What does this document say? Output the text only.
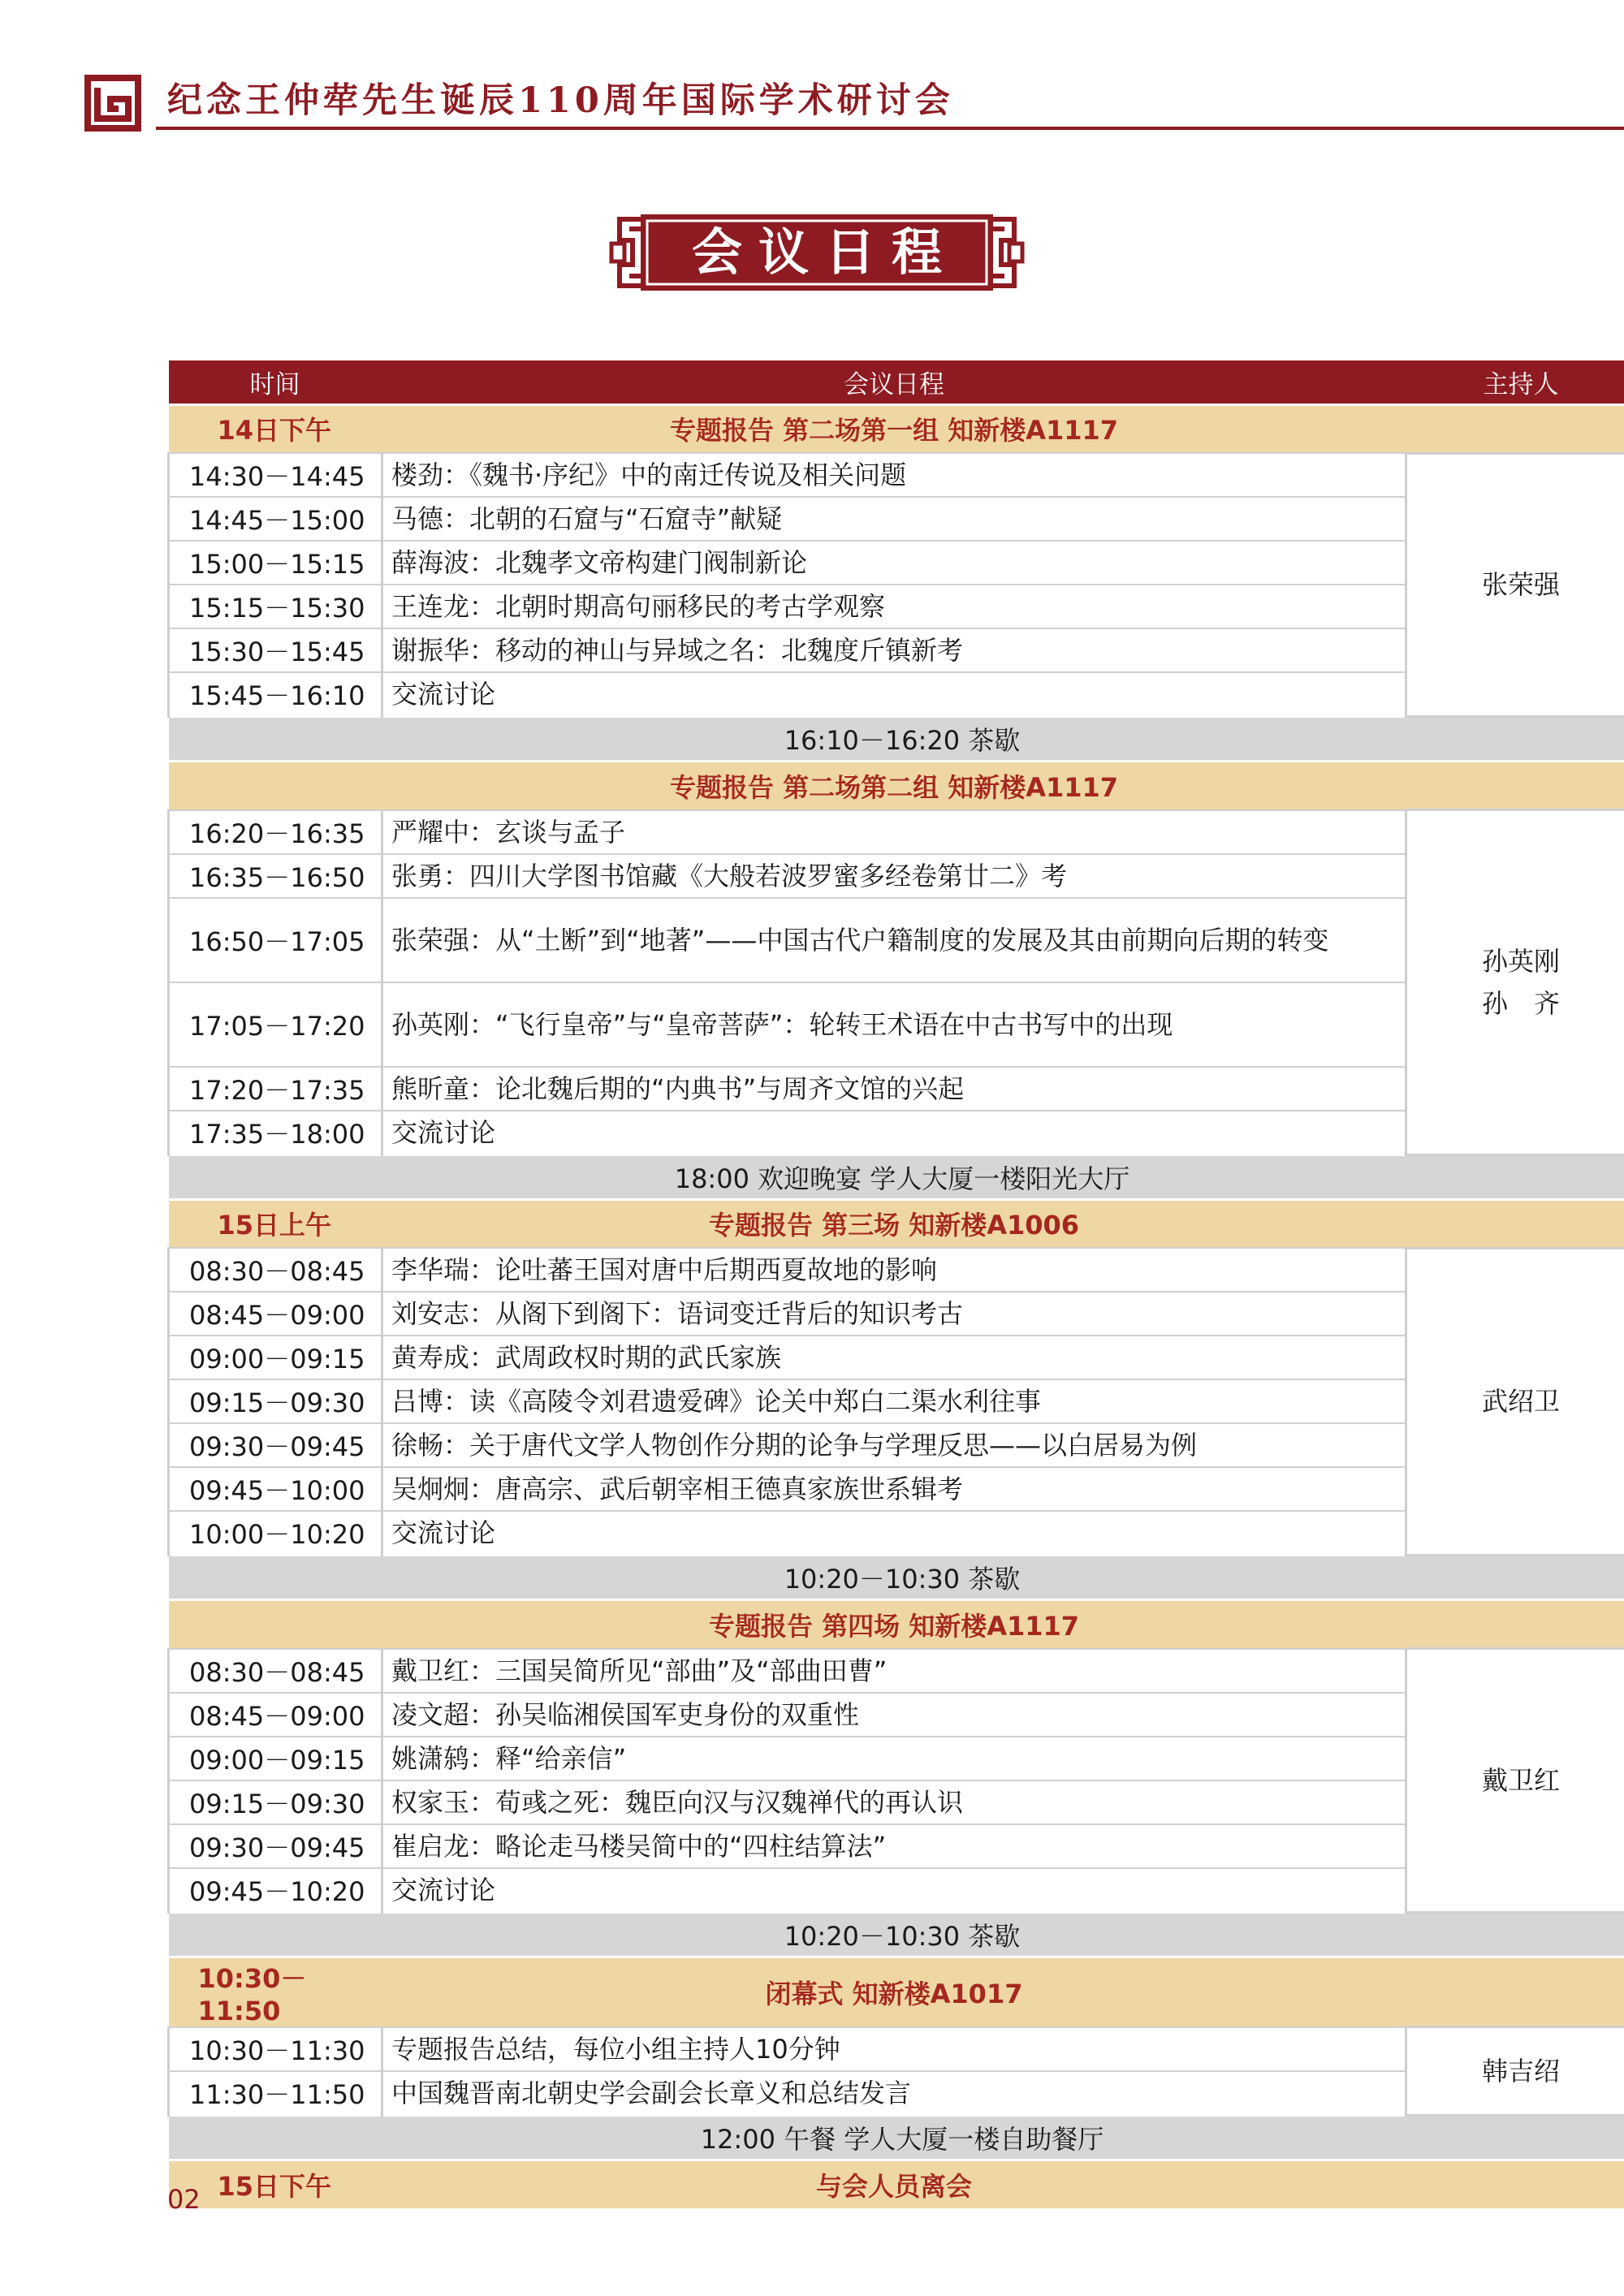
纪念王仲荦先生诞辰110周年国际学术研讨会
会议日程
时间	会议日程	主持人
14日下午	专题报告 第二场第一组 知新楼A1117	
14:30－14:45	楼劲：《魏书·序纪》中的南迁传说及相关问题	张荣强
14:45－15:00	马德：北朝的石窟与“石窟寺”献疑	
15:00－15:15	薛海波：北魏孝文帝构建门阀制新论	
15:15－15:30	王连龙：北朝时期高句丽移民的考古学观察	
15:30－15:45	谢振华：移动的神山与异域之名：北魏度斤镇新考	
15:45－16:10	交流讨论	
16:10－16:20 茶歇		
	专题报告 第二场第二组 知新楼A1117	
16:20－16:35	严耀中：玄谈与孟子	孙英刚
孙　齐

16:35－16:50	张勇：四川大学图书馆藏《大般若波罗蜜多经卷第廿二》考	
16:50－17:05	张荣强：从“土断”到“地著”——中国古代户籍制度的发展及其由前期向后期的转变	
17:05－17:20	孙英刚：“飞行皇帝”与“皇帝菩萨”：轮转王术语在中古书写中的出现	
17:20－17:35	熊昕童：论北魏后期的“内典书”与周齐文馆的兴起	
17:35－18:00	交流讨论	
18:00 欢迎晚宴 学人大厦一楼阳光大厅		
15日上午	专题报告 第三场 知新楼A1006	
08:30－08:45	李华瑞：论吐蕃王国对唐中后期西夏故地的影响	武绍卫
08:45－09:00	刘安志：从阁下到阁下：语词变迁背后的知识考古	
09:00－09:15	黄寿成：武周政权时期的武氏家族	
09:15－09:30	吕博：读《高陵令刘君遗爱碑》论关中郑白二渠水利往事	
09:30－09:45	徐畅：关于唐代文学人物创作分期的论争与学理反思——以白居易为例	
09:45－10:00	吴炯炯：唐高宗、武后朝宰相王德真家族世系辑考	
10:00－10:20	交流讨论	
10:20－10:30 茶歇		
	专题报告 第四场 知新楼A1117	
08:30－08:45	戴卫红：三国吴简所见“部曲”及“部曲田曹”	戴卫红
08:45－09:00	凌文超：孙吴临湘侯国军吏身份的双重性	
09:00－09:15	姚潇鸫：释“给亲信”	
09:15－09:30	权家玉：荀彧之死：魏臣向汉与汉魏禅代的再认识	
09:30－09:45	崔启龙：略论走马楼吴简中的“四柱结算法”	
09:45－10:20	交流讨论	
10:20－10:30 茶歇		
10:30－11:50	闭幕式 知新楼A1017	
10:30－11:30	专题报告总结，每位小组主持人10分钟	韩吉绍
11:30－11:50	中国魏晋南北朝史学会副会长章义和总结发言	
12:00 午餐 学人大厦一楼自助餐厅		
15日下午	与会人员离会	
02
